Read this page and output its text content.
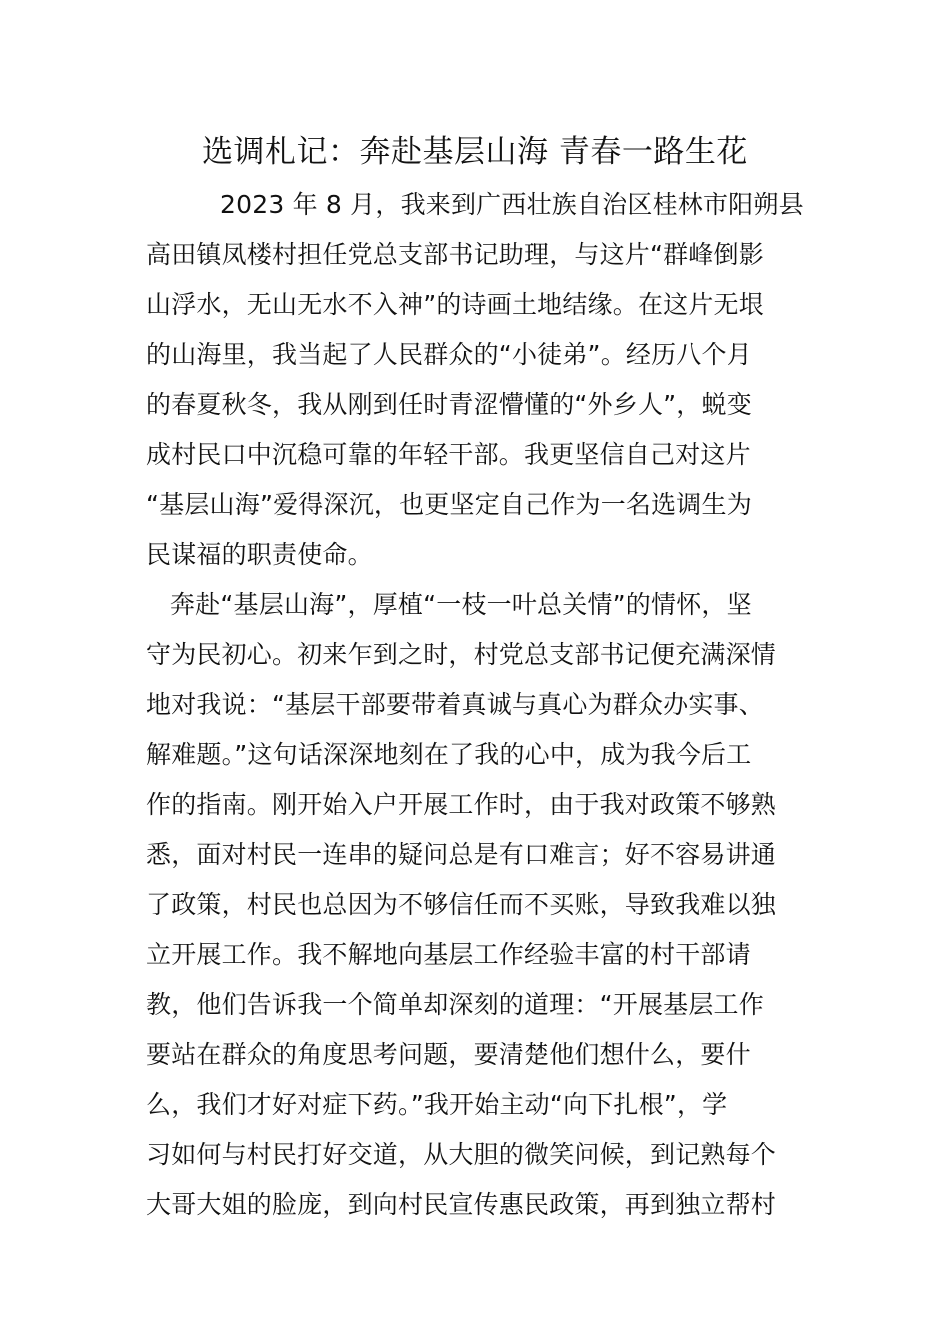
选调札记：奔赴基层山海 青春一路生花
2023 年 8 月，我来到广西壮族自治区桂林市阳朔县
高田镇凤楼村担任党总支部书记助理，与这片“群峰倒影
山浮水，无山无水不入神”的诗画土地结缘。在这片无垠
的山海里，我当起了人民群众的“小徒弟”。经历八个月
的春夏秋冬，我从刚到任时青涩懵懂的“外乡人”，蜕变
成村民口中沉稳可靠的年轻干部。我更坚信自己对这片
“基层山海”爱得深沉，也更坚定自己作为一名选调生为
民谋福的职责使命。
奔赴“基层山海”，厚植“一枝一叶总关情”的情怀，坚
守为民初心。初来乍到之时，村党总支部书记便充满深情
地对我说：“基层干部要带着真诚与真心为群众办实事、
解难题。”这句话深深地刻在了我的心中，成为我今后工
作的指南。刚开始入户开展工作时，由于我对政策不够熟
悉，面对村民一连串的疑问总是有口难言；好不容易讲通
了政策，村民也总因为不够信任而不买账，导致我难以独
立开展工作。我不解地向基层工作经验丰富的村干部请
教，他们告诉我一个简单却深刻的道理：“开展基层工作
要站在群众的角度思考问题，要清楚他们想什么，要什
么，我们才好对症下药。”我开始主动“向下扎根”，学
习如何与村民打好交道，从大胆的微笑问候，到记熟每个
大哥大姐的脸庞，到向村民宣传惠民政策，再到独立帮村
